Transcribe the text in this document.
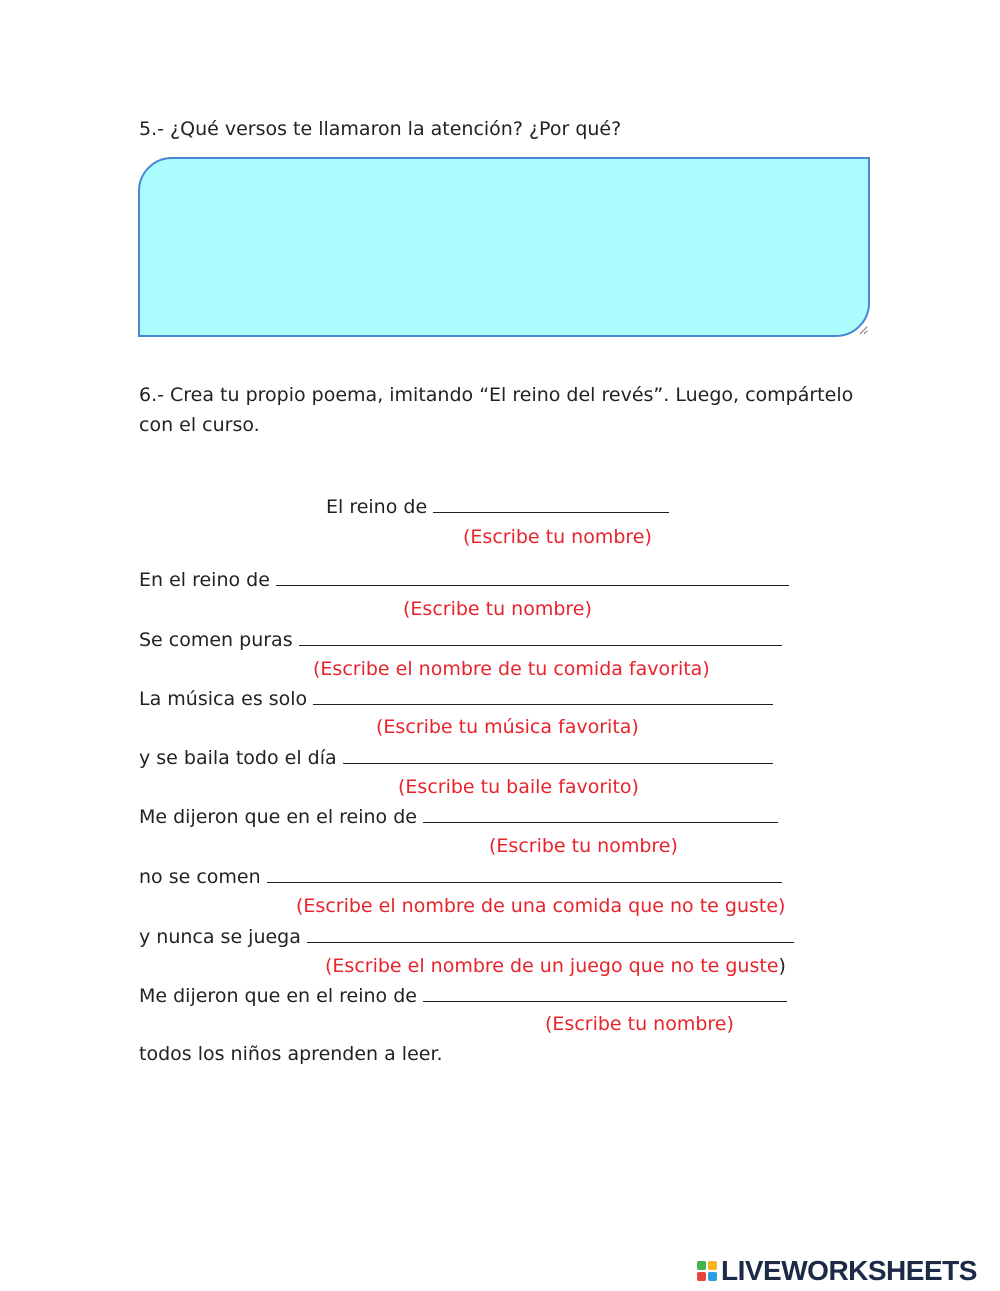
5.- ¿Qué versos te llamaron la atención? ¿Por qué?
6.- Crea tu propio poema, imitando “El reino del revés”. Luego, compártelo con el curso.
El reino de
(Escribe tu nombre)
En el reino de
(Escribe tu nombre)
Se comen puras
(Escribe el nombre de tu comida favorita)
La música es solo
(Escribe tu música favorita)
y se baila todo el día
(Escribe tu baile favorito)
Me dijeron que en el reino de
(Escribe tu nombre)
no se comen
(Escribe el nombre de una comida que no te guste)
y nunca se juega
(Escribe el nombre de un juego que no te guste)
Me dijeron que en el reino de
(Escribe tu nombre)
todos los niños aprenden a leer.
LIVEWORKSHEETS
